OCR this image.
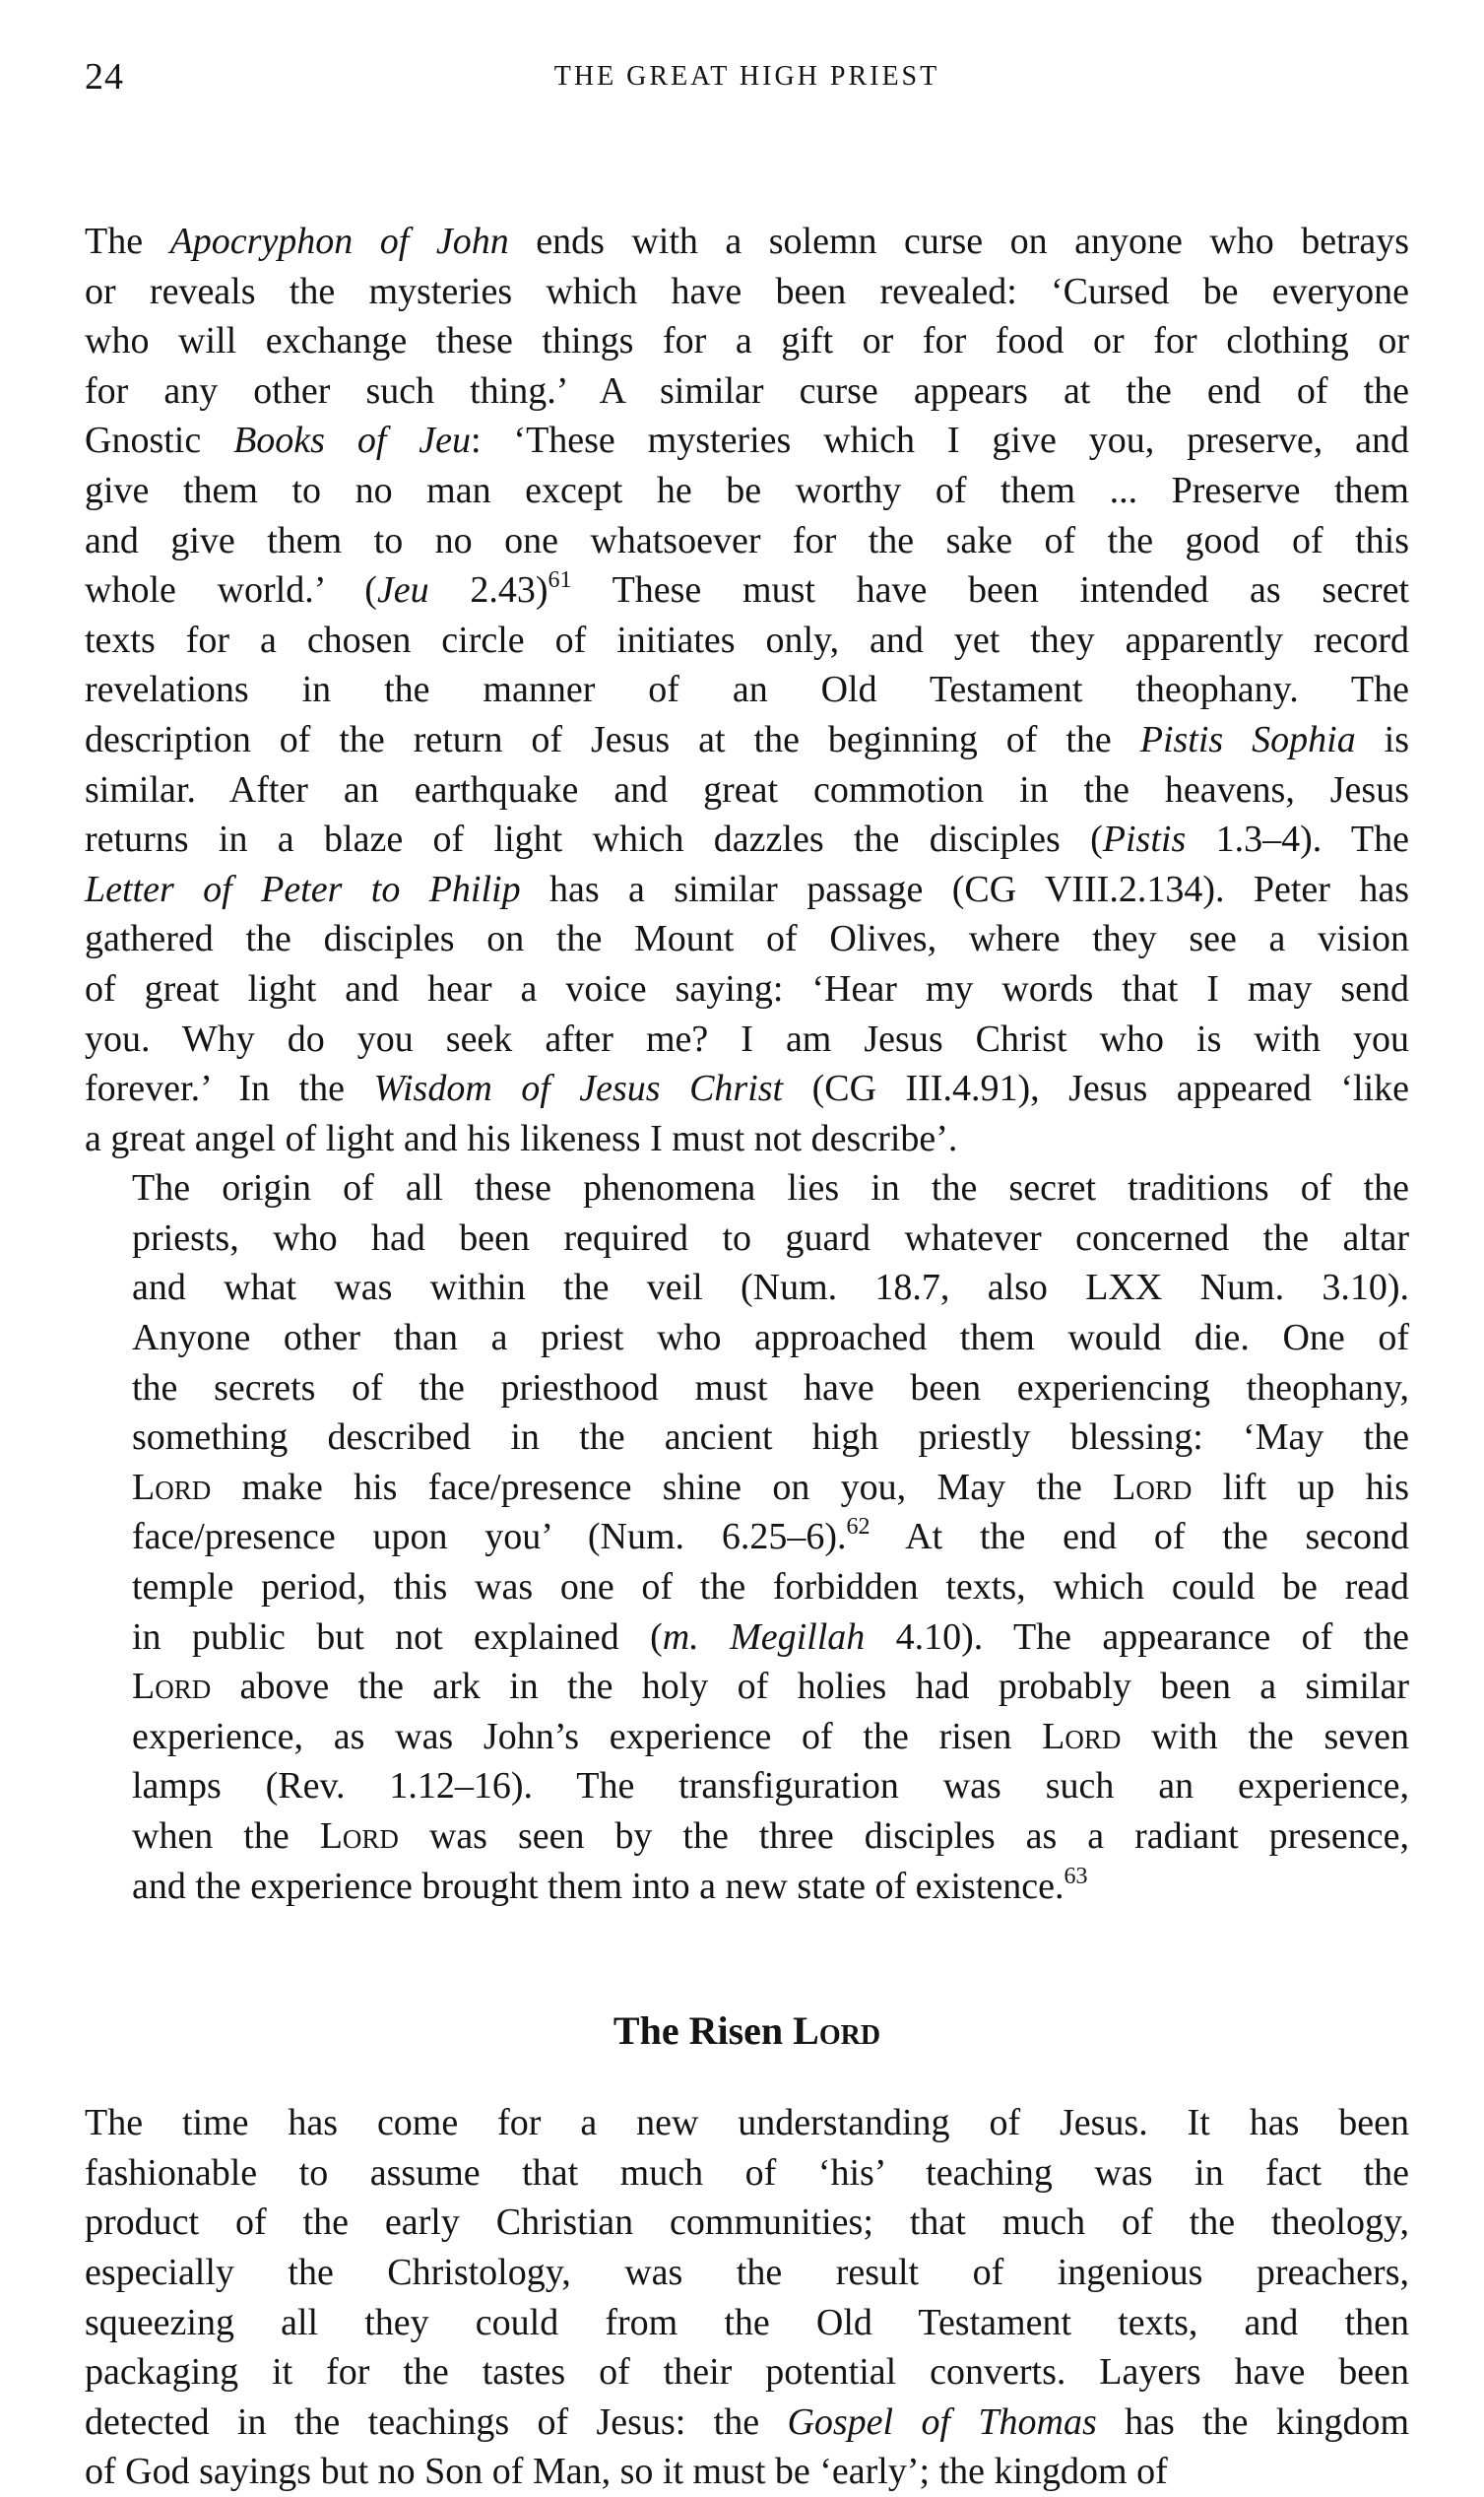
24	THE GREAT HIGH PRIEST

The Apocryphon of John ends with a solemn curse on anyone who betrays
or reveals the mysteries which have been revealed: ‘Cursed be everyone
who will exchange these things for a gift or for food or for clothing or
for any other such thing.’ A similar curse appears at the end of the
Gnostic Books of Jeu: ‘These mysteries which I give you, preserve, and
give them to no man except he be worthy of them ... Preserve them
and give them to no one whatsoever for the sake of the good of this
whole world.’ (Jeu 2.43)$^{61}$ These must have been intended as secret
texts for a chosen circle of initiates only, and yet they apparently record
revelations in the manner of an Old Testament theophany. The
description of the return of Jesus at the beginning of the Pistis Sophia is
similar. After an earthquake and great commotion in the heavens, Jesus
returns in a blaze of light which dazzles the disciples (Pistis 1.3–4). The
Letter of Peter to Philip has a similar passage (CG VIII.2.134). Peter has
gathered the disciples on the Mount of Olives, where they see a vision
of great light and hear a voice saying: ‘Hear my words that I may send
you. Why do you seek after me? I am Jesus Christ who is with you
forever.’ In the Wisdom of Jesus Christ (CG III.4.91), Jesus appeared ‘like
a great angel of light and his likeness I must not describe’.

The origin of all these phenomena lies in the secret traditions of the
priests, who had been required to guard whatever concerned the altar
and what was within the veil (Num. 18.7, also LXX Num. 3.10).
Anyone other than a priest who approached them would die. One of
the secrets of the priesthood must have been experiencing theophany,
something described in the ancient high priestly blessing: ‘May the
Lord make his face/presence shine on you, May the Lord lift up his
face/presence upon you’ (Num. 6.25–6).$^{62}$ At the end of the second
temple period, this was one of the forbidden texts, which could be read
in public but not explained (m. Megillah 4.10). The appearance of the
Lord above the ark in the holy of holies had probably been a similar
experience, as was John’s experience of the risen Lord with the seven
lamps (Rev. 1.12–16). The transfiguration was such an experience,
when the Lord was seen by the three disciples as a radiant presence,
and the experience brought them into a new state of existence.$^{63}$

The Risen Lord

The time has come for a new understanding of Jesus. It has been
fashionable to assume that much of ‘his’ teaching was in fact the
product of the early Christian communities; that much of the theology,
especially the Christology, was the result of ingenious preachers,
squeezing all they could from the Old Testament texts, and then
packaging it for the tastes of their potential converts. Layers have been
detected in the teachings of Jesus: the Gospel of Thomas has the kingdom
of God sayings but no Son of Man, so it must be ‘early’; the kingdom of
